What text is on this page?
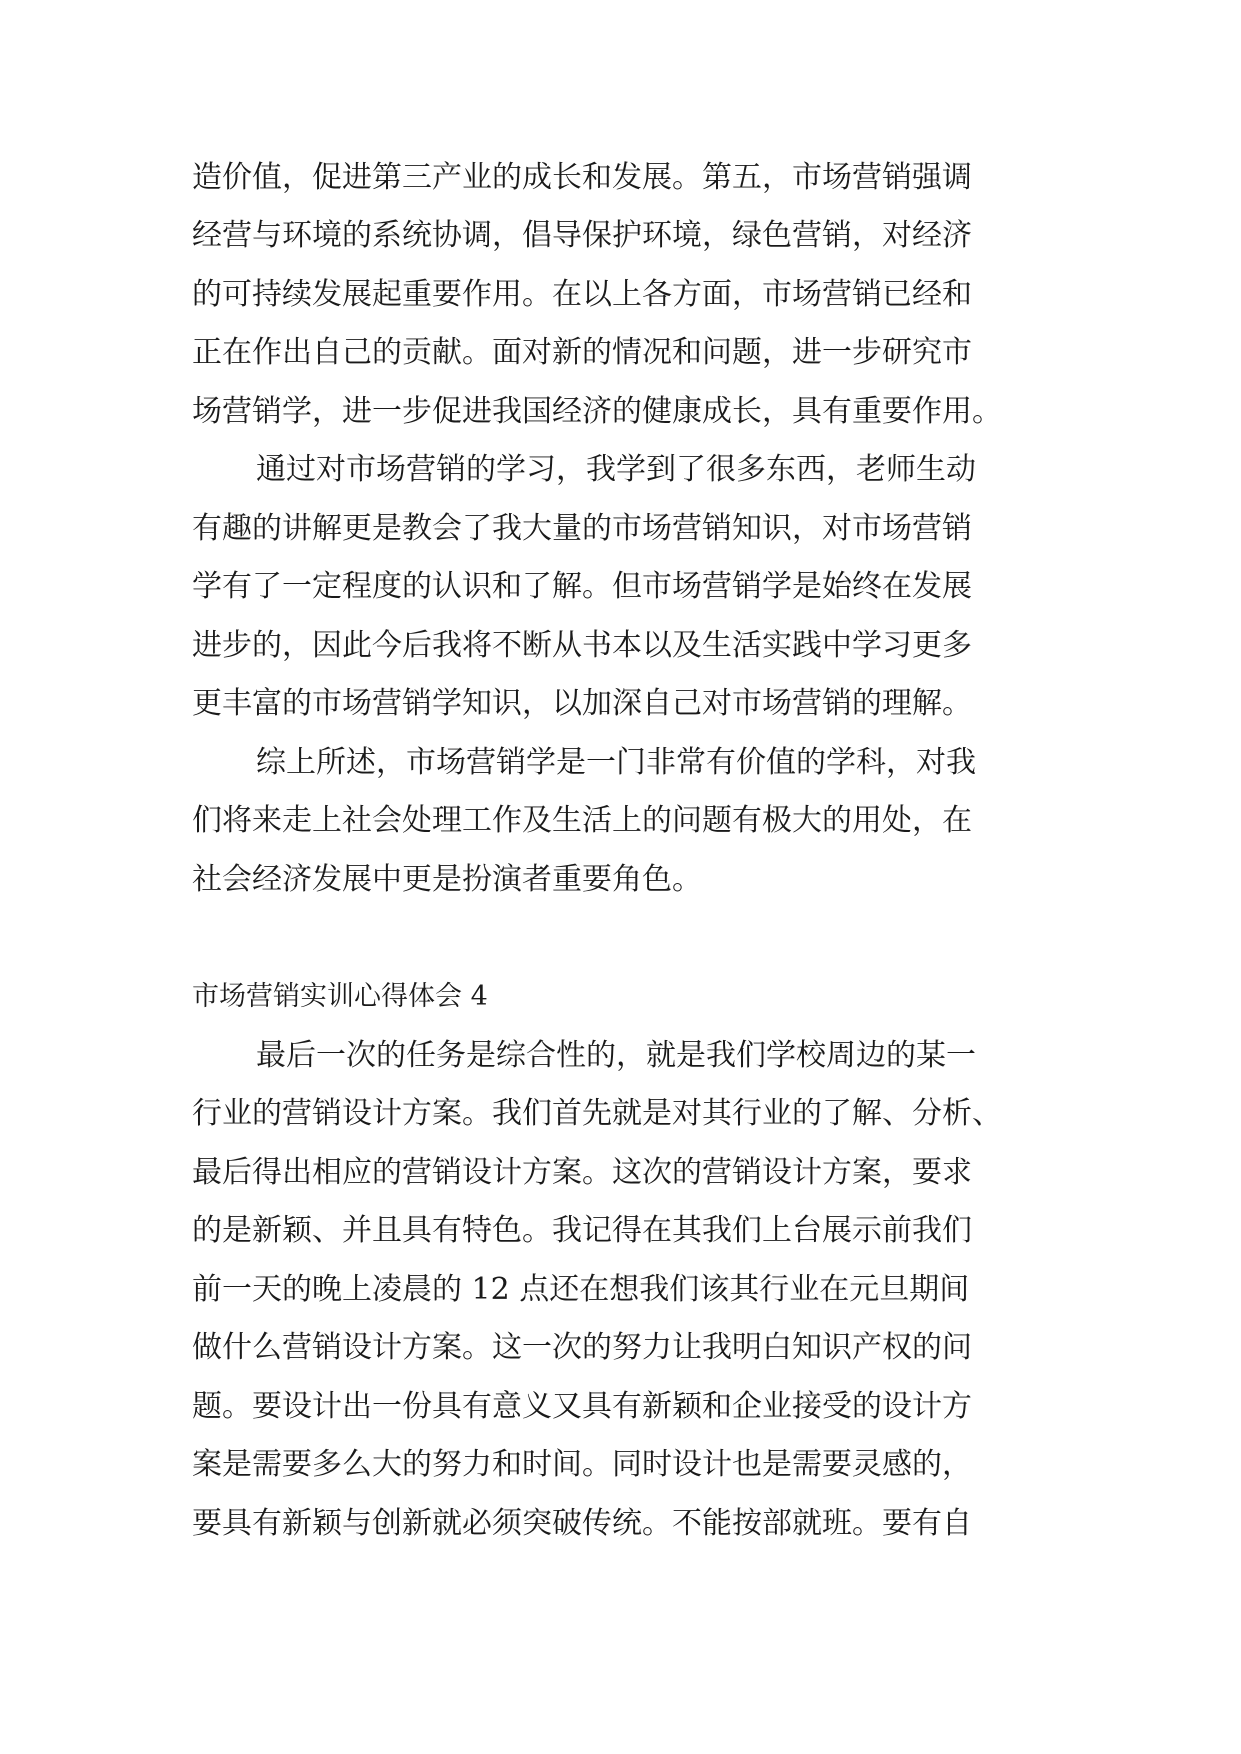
造价值，促进第三产业的成长和发展。第五，市场营销强调
经营与环境的系统协调，倡导保护环境，绿色营销，对经济
的可持续发展起重要作用。在以上各方面，市场营销已经和
正在作出自己的贡献。面对新的情况和问题，进一步研究市
场营销学，进一步促进我国经济的健康成长，具有重要作用。
通过对市场营销的学习，我学到了很多东西，老师生动
有趣的讲解更是教会了我大量的市场营销知识，对市场营销
学有了一定程度的认识和了解。但市场营销学是始终在发展
进步的，因此今后我将不断从书本以及生活实践中学习更多
更丰富的市场营销学知识，以加深自己对市场营销的理解。
综上所述，市场营销学是一门非常有价值的学科，对我
们将来走上社会处理工作及生活上的问题有极大的用处，在
社会经济发展中更是扮演者重要角色。
市场营销实训心得体会 4
最后一次的任务是综合性的，就是我们学校周边的某一
行业的营销设计方案。我们首先就是对其行业的了解、分析、
最后得出相应的营销设计方案。这次的营销设计方案，要求
的是新颖、并且具有特色。我记得在其我们上台展示前我们
前一天的晚上凌晨的 12 点还在想我们该其行业在元旦期间
做什么营销设计方案。这一次的努力让我明白知识产权的问
题。要设计出一份具有意义又具有新颖和企业接受的设计方
案是需要多么大的努力和时间。同时设计也是需要灵感的，
要具有新颖与创新就必须突破传统。不能按部就班。要有自
